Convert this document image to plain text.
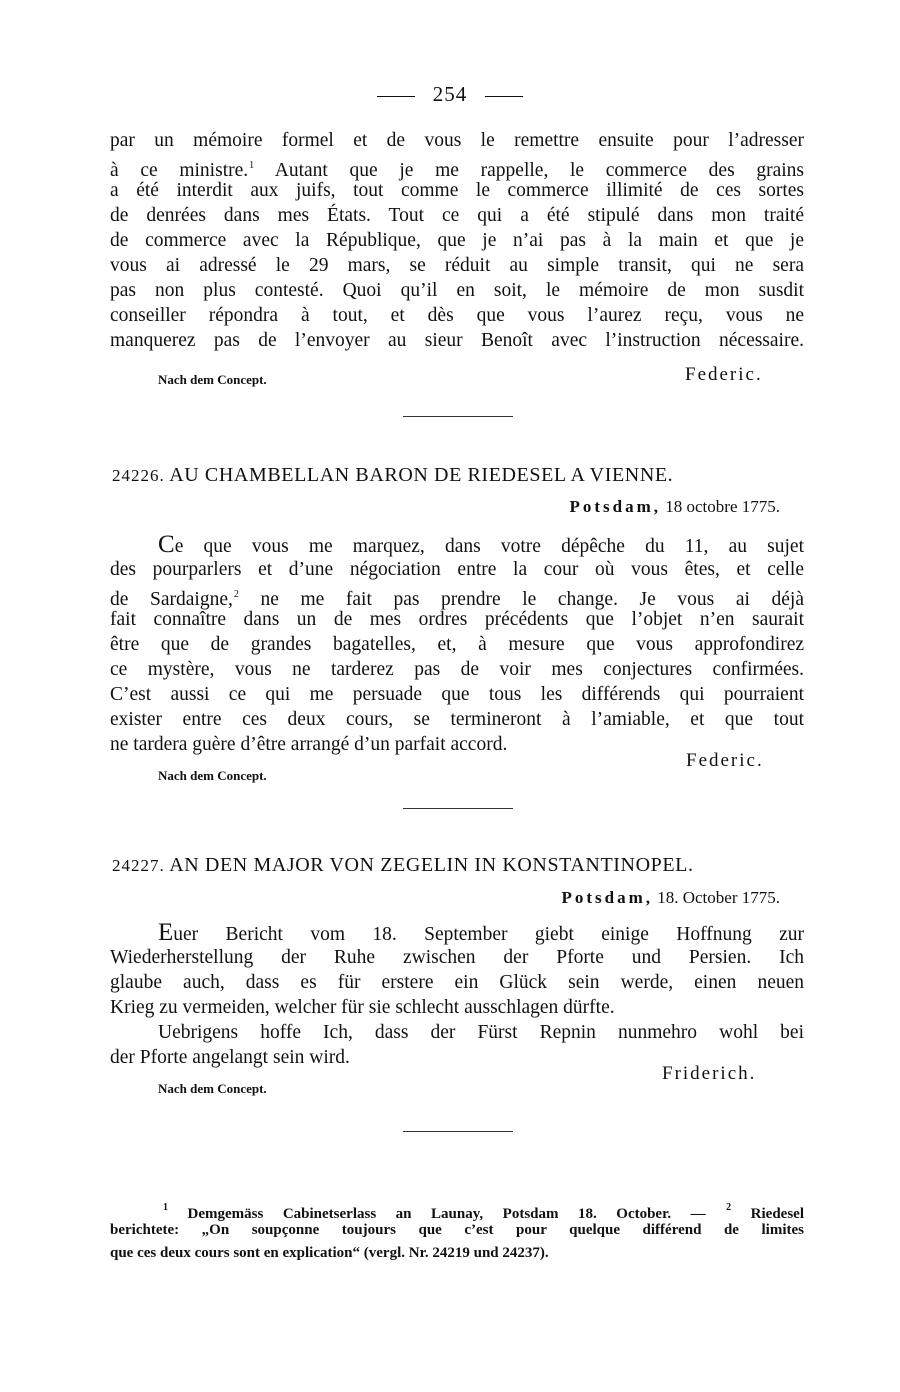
254
par un mémoire formel et de vous le remettre ensuite pour l’adresser
à ce ministre.$^1$ Autant que je me rappelle, le commerce des grains
a été interdit aux juifs, tout comme le commerce illimité de ces sortes
de denrées dans mes États. Tout ce qui a été stipulé dans mon traité
de commerce avec la République, que je n’ai pas à la main et que je
vous ai adressé le 29 mars, se réduit au simple transit, qui ne sera
pas non plus contesté. Quoi qu’il en soit, le mémoire de mon susdit
conseiller répondra à tout, et dès que vous l’aurez reçu, vous ne
manquerez pas de l’envoyer au sieur Benoît avec l’instruction nécessaire.
Nach dem Concept.	Federic.
24226. AU CHAMBELLAN BARON DE RIEDESEL A VIENNE.
Potsdam, 18 octobre 1775.
Ce que vous me marquez, dans votre dépêche du 11, au sujet
des pourparlers et d’une négociation entre la cour où vous êtes, et celle
de Sardaigne,$^2$ ne me fait pas prendre le change. Je vous ai déjà
fait connaître dans un de mes ordres précédents que l’objet n’en saurait
être que de grandes bagatelles, et, à mesure que vous approfondirez
ce mystère, vous ne tarderez pas de voir mes conjectures confirmées.
C’est aussi ce qui me persuade que tous les différends qui pourraient
exister entre ces deux cours, se termineront à l’amiable, et que tout
ne tardera guère d’être arrangé d’un parfait accord.
Nach dem Concept.
Federic.
24227. AN DEN MAJOR VON ZEGELIN IN KONSTANTINOPEL.
Potsdam, 18. October 1775.
Euer Bericht vom 18. September giebt einige Hoffnung zur
Wiederherstellung der Ruhe zwischen der Pforte und Persien. Ich
glaube auch, dass es für erstere ein Glück sein werde, einen neuen
Krieg zu vermeiden, welcher für sie schlecht ausschlagen dürfte.
Uebrigens hoffe Ich, dass der Fürst Repnin nunmehro wohl bei
der Pforte angelangt sein wird.
Nach dem Concept.
Friderich.
$^1$ Demgemäss Cabinetserlass an Launay, Potsdam 18. October. — $^2$ Riedesel
berichtete: „On soupçonne toujours que c’est pour quelque différend de limites
que ces deux cours sont en explication“ (vergl. Nr. 24219 und 24237).
